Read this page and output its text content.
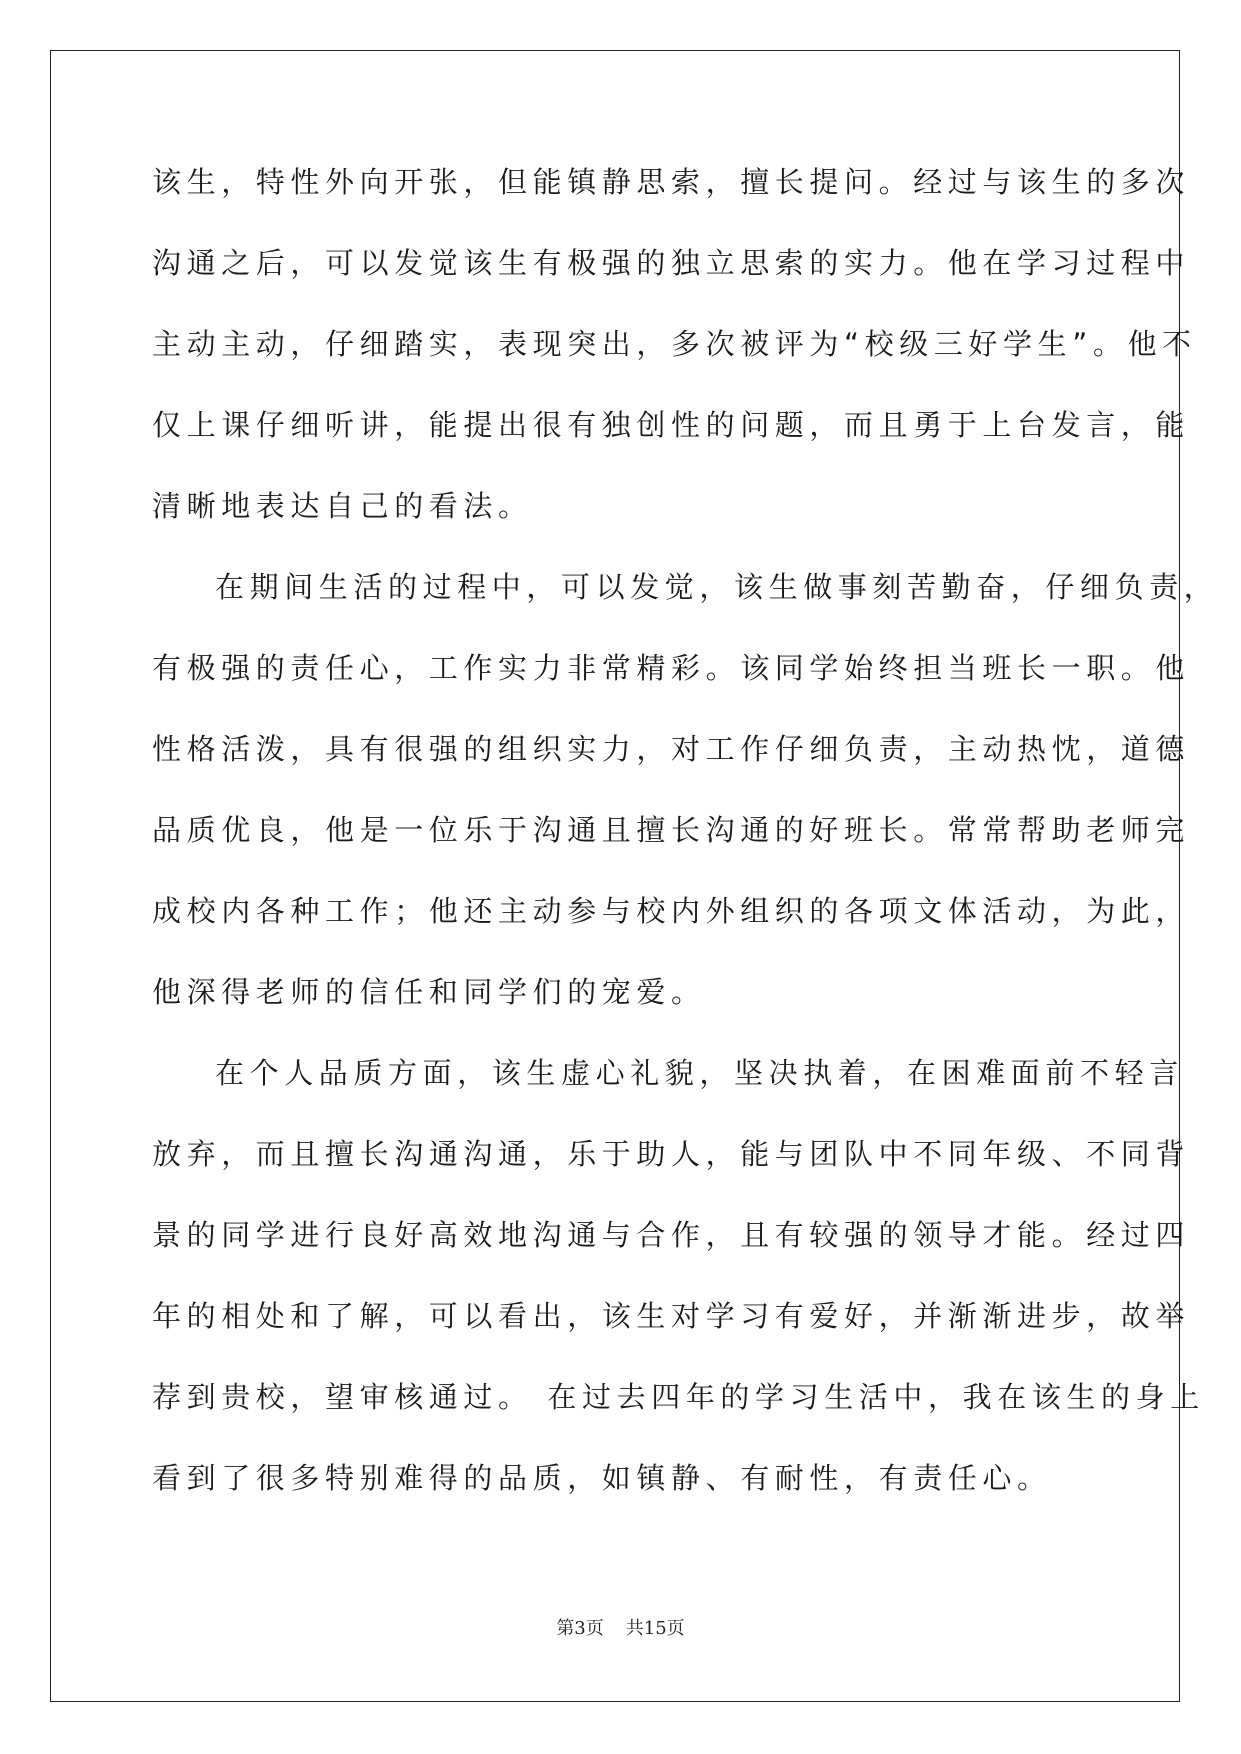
该生，特性外向开张，但能镇静思索，擅长提问。经过与该生的多次
沟通之后，可以发觉该生有极强的独立思索的实力。他在学习过程中
主动主动，仔细踏实，表现突出，多次被评为“校级三好学生”。他不
仅上课仔细听讲，能提出很有独创性的问题，而且勇于上台发言，能
清晰地表达自己的看法。
在期间生活的过程中，可以发觉，该生做事刻苦勤奋，仔细负责，
有极强的责任心，工作实力非常精彩。该同学始终担当班长一职。他
性格活泼，具有很强的组织实力，对工作仔细负责，主动热忱，道德
品质优良，他是一位乐于沟通且擅长沟通的好班长。常常帮助老师完
成校内各种工作；他还主动参与校内外组织的各项文体活动，为此，
他深得老师的信任和同学们的宠爱。
在个人品质方面，该生虚心礼貌，坚决执着，在困难面前不轻言
放弃，而且擅长沟通沟通，乐于助人，能与团队中不同年级、不同背
景的同学进行良好高效地沟通与合作，且有较强的领导才能。经过四
年的相处和了解，可以看出，该生对学习有爱好，并渐渐进步，故举
荐到贵校，望审核通过。 在过去四年的学习生活中，我在该生的身上
看到了很多特别难得的品质，如镇静、有耐性，有责任心。
第3页 共15页
